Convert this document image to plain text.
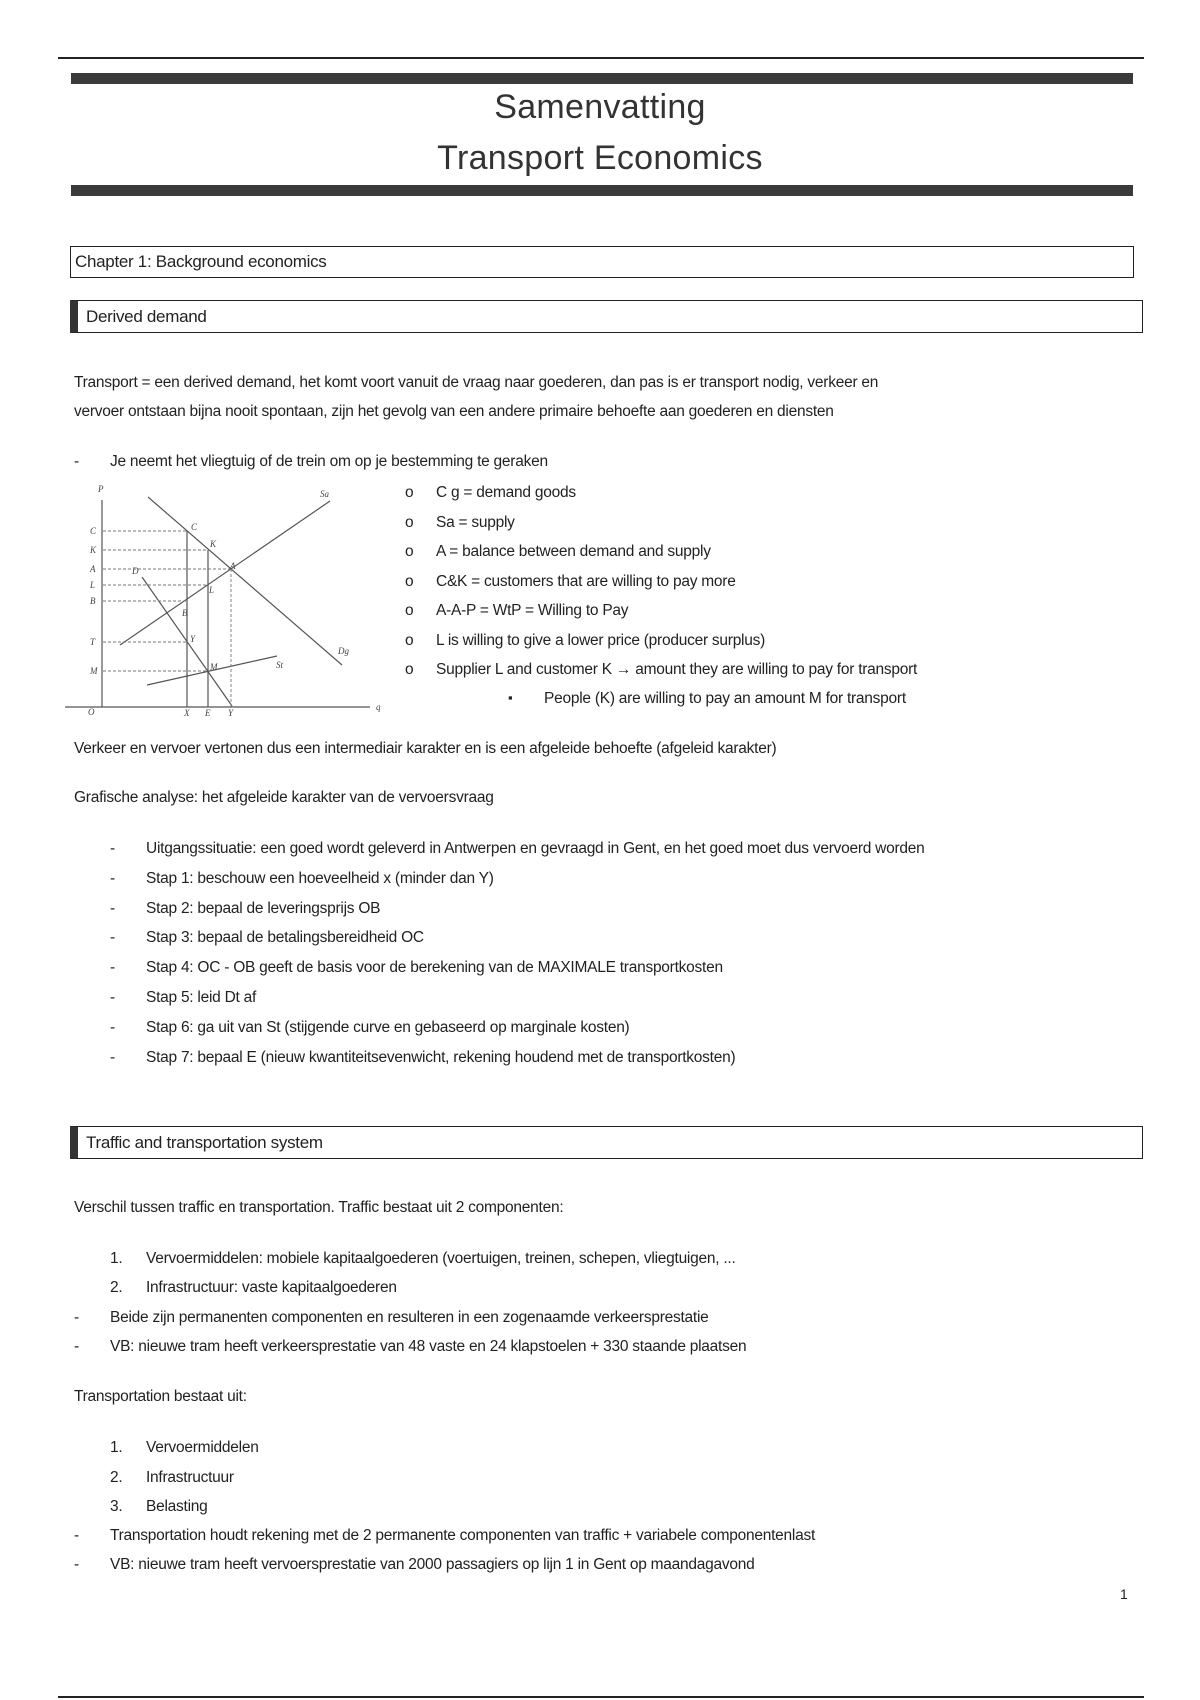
Samenvatting
Transport Economics
Chapter 1: Background economics
Derived demand
Transport = een derived demand, het komt voort vanuit de vraag naar goederen, dan pas is er transport nodig, verkeer en
vervoer ontstaan bijna nooit spontaan, zijn het gevolg van een andere primaire behoefte aan goederen en diensten
- Je neemt het vliegtuig of de trein om op je bestemming te geraken
P
q
O
C
K
A
L
B
T
M
C
K
A
L
B
Y
M
X E Y
Sa
Dg
St
D
o C g = demand goods
o Sa = supply
o A = balance between demand and supply
o C&K = customers that are willing to pay more
o A-A-P = WtP = Willing to Pay
o L is willing to give a lower price (producer surplus)
o Supplier L and customer K → amount they are willing to pay for transport
▪ People (K) are willing to pay an amount M for transport
Verkeer en vervoer vertonen dus een intermediair karakter en is een afgeleide behoefte (afgeleid karakter)
Grafische analyse: het afgeleide karakter van de vervoersvraag
- Uitgangssituatie: een goed wordt geleverd in Antwerpen en gevraagd in Gent, en het goed moet dus vervoerd worden
- Stap 1: beschouw een hoeveelheid x (minder dan Y)
- Stap 2: bepaal de leveringsprijs OB
- Stap 3: bepaal de betalingsbereidheid OC
- Stap 4: OC - OB geeft de basis voor de berekening van de MAXIMALE transportkosten
- Stap 5: leid Dt af
- Stap 6: ga uit van St (stijgende curve en gebaseerd op marginale kosten)
- Stap 7: bepaal E (nieuw kwantiteitsevenwicht, rekening houdend met de transportkosten)
Traffic and transportation system
Verschil tussen traffic en transportation. Traffic bestaat uit 2 componenten:
1. Vervoermiddelen: mobiele kapitaalgoederen (voertuigen, treinen, schepen, vliegtuigen, ...
2. Infrastructuur: vaste kapitaalgoederen
- Beide zijn permanenten componenten en resulteren in een zogenaamde verkeersprestatie
- VB: nieuwe tram heeft verkeersprestatie van 48 vaste en 24 klapstoelen + 330 staande plaatsen
1. Vervoermiddelen
2. Infrastructuur
3. Belasting
- Transportation houdt rekening met de 2 permanente componenten van traffic + variabele componentenlast
- VB: nieuwe tram heeft vervoersprestatie van 2000 passagiers op lijn 1 in Gent op maandagavond
Transportation bestaat uit:
1
